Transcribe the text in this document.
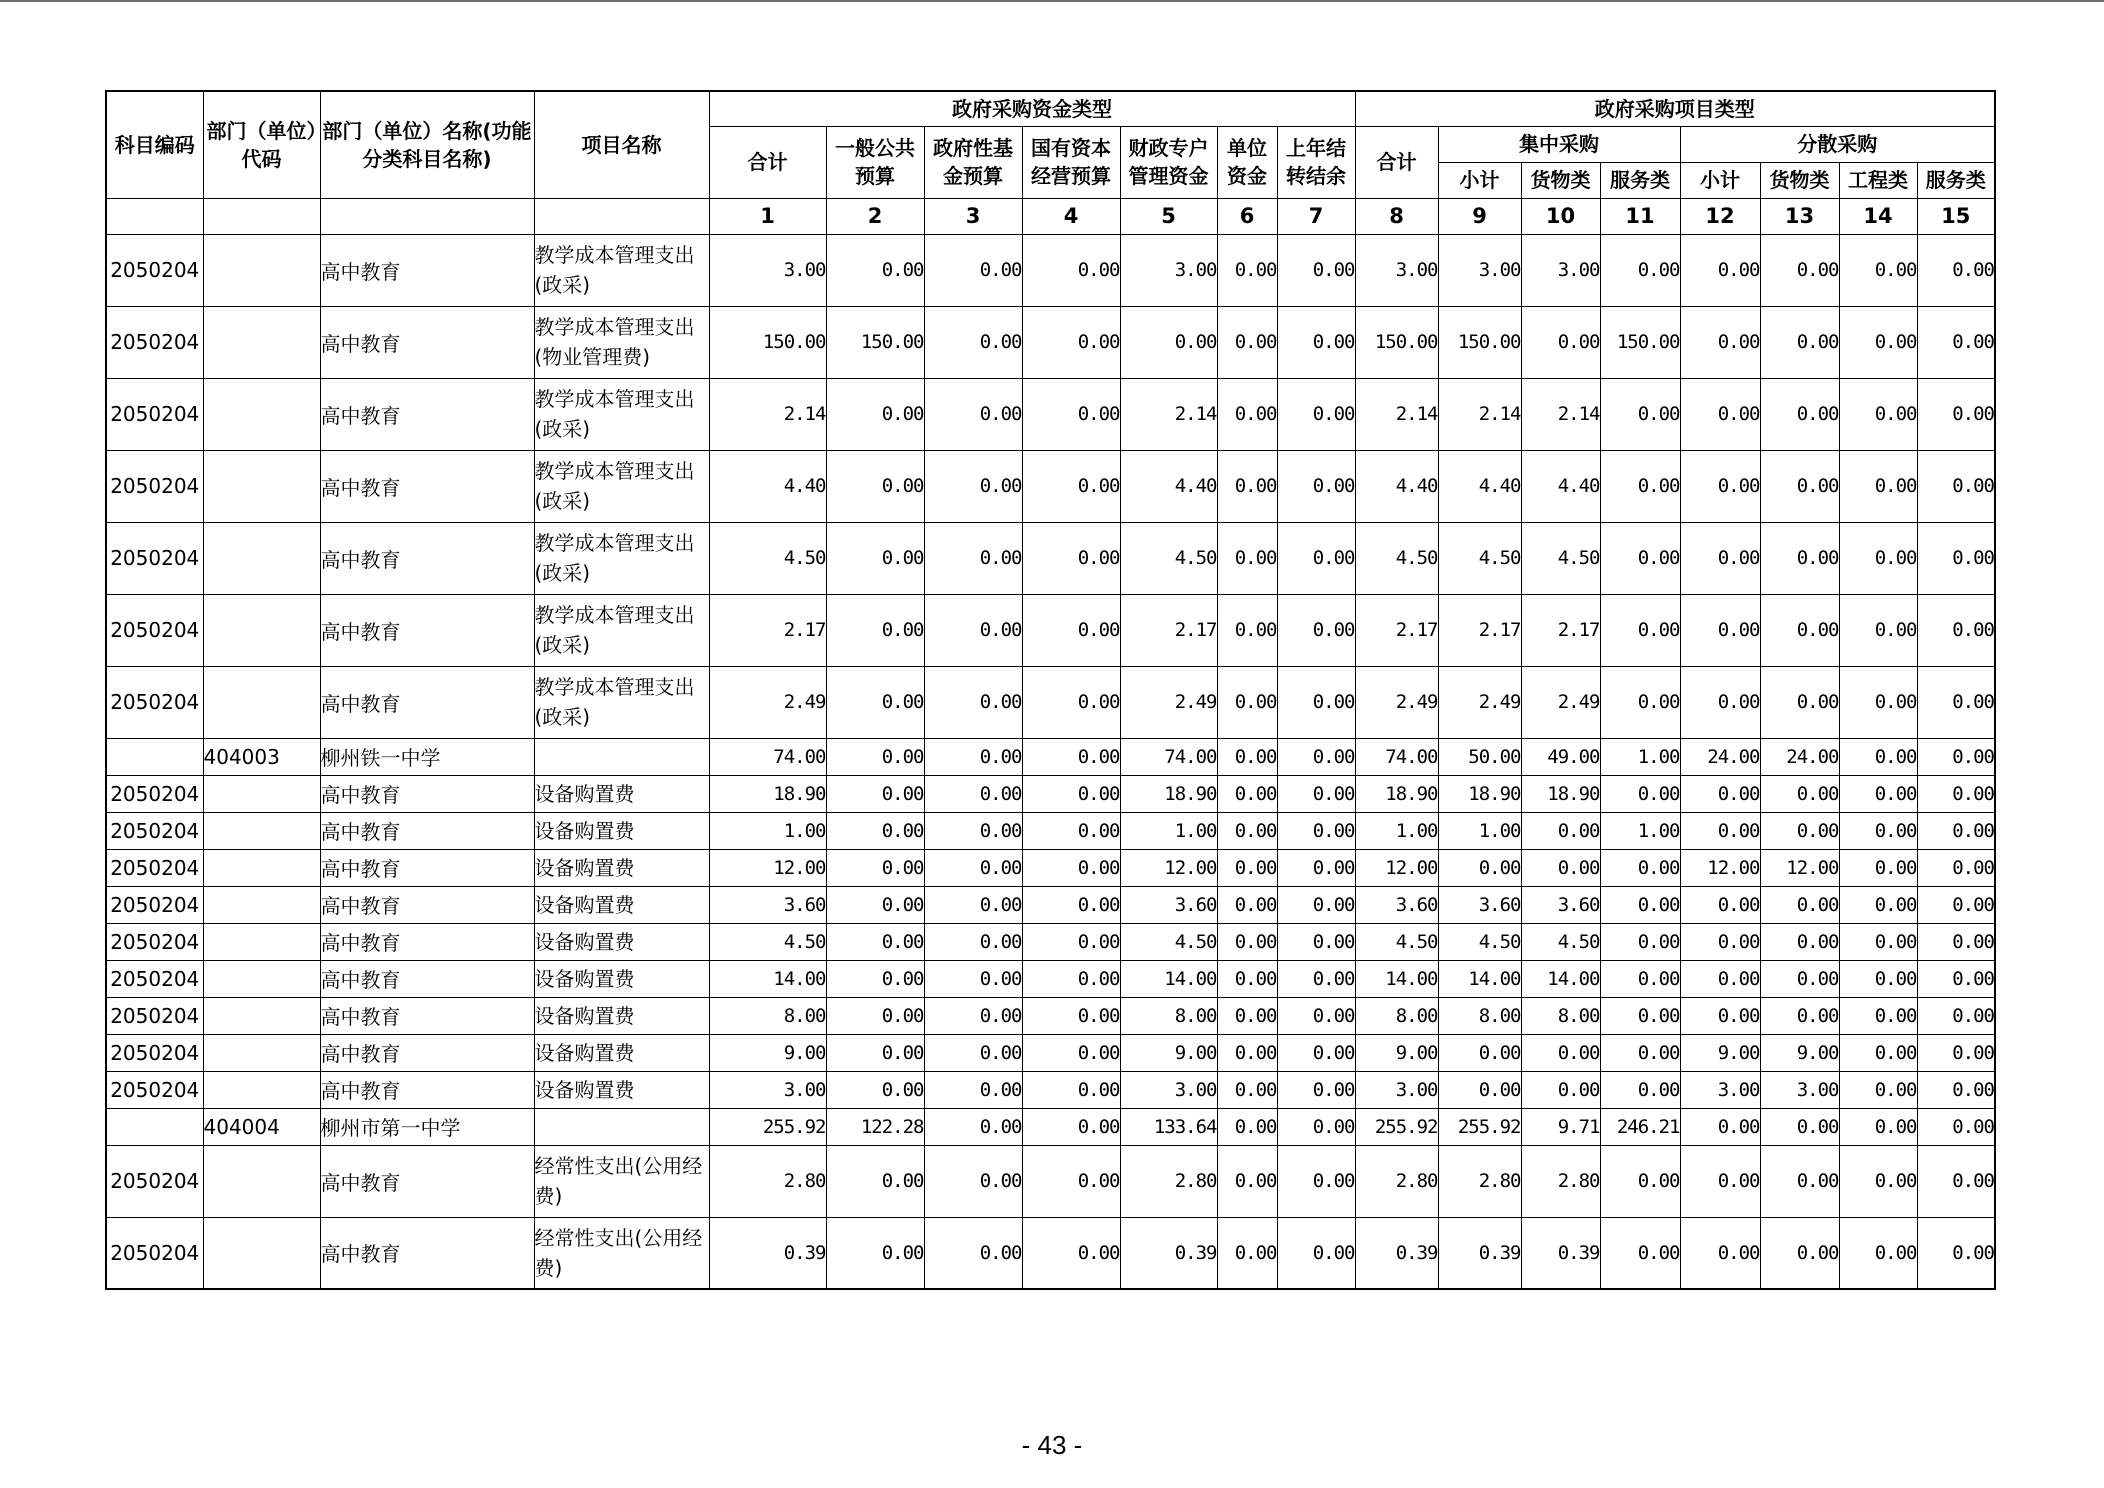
科目编码	部门（单位）代码	部门（单位）名称(功能分类科目名称)	项目名称	政府采购资金类型							政府采购项目类型							
				合计	一般公共预算	政府性基金预算	国有资本经营预算	财政专户管理资金	单位资金	上年结转结余	合计	集中采购			分散采购			
												小计	货物类	服务类	小计	货物类	工程类	服务类
				1	2	3	4	5	6	7	8	9	10	11	12	13	14	15
2050204		高中教育	教学成本管理支出(政采)	3.00	0.00	0.00	0.00	3.00	0.00	0.00	3.00	3.00	3.00	0.00	0.00	0.00	0.00	0.00
2050204		高中教育	教学成本管理支出(物业管理费)	150.00	150.00	0.00	0.00	0.00	0.00	0.00	150.00	150.00	0.00	150.00	0.00	0.00	0.00	0.00
2050204		高中教育	教学成本管理支出(政采)	2.14	0.00	0.00	0.00	2.14	0.00	0.00	2.14	2.14	2.14	0.00	0.00	0.00	0.00	0.00
2050204		高中教育	教学成本管理支出(政采)	4.40	0.00	0.00	0.00	4.40	0.00	0.00	4.40	4.40	4.40	0.00	0.00	0.00	0.00	0.00
2050204		高中教育	教学成本管理支出(政采)	4.50	0.00	0.00	0.00	4.50	0.00	0.00	4.50	4.50	4.50	0.00	0.00	0.00	0.00	0.00
2050204		高中教育	教学成本管理支出(政采)	2.17	0.00	0.00	0.00	2.17	0.00	0.00	2.17	2.17	2.17	0.00	0.00	0.00	0.00	0.00
2050204		高中教育	教学成本管理支出(政采)	2.49	0.00	0.00	0.00	2.49	0.00	0.00	2.49	2.49	2.49	0.00	0.00	0.00	0.00	0.00
	404003	柳州铁一中学		74.00	0.00	0.00	0.00	74.00	0.00	0.00	74.00	50.00	49.00	1.00	24.00	24.00	0.00	0.00
2050204		高中教育	设备购置费	18.90	0.00	0.00	0.00	18.90	0.00	0.00	18.90	18.90	18.90	0.00	0.00	0.00	0.00	0.00
2050204		高中教育	设备购置费	1.00	0.00	0.00	0.00	1.00	0.00	0.00	1.00	1.00	0.00	1.00	0.00	0.00	0.00	0.00
2050204		高中教育	设备购置费	12.00	0.00	0.00	0.00	12.00	0.00	0.00	12.00	0.00	0.00	0.00	12.00	12.00	0.00	0.00
2050204		高中教育	设备购置费	3.60	0.00	0.00	0.00	3.60	0.00	0.00	3.60	3.60	3.60	0.00	0.00	0.00	0.00	0.00
2050204		高中教育	设备购置费	4.50	0.00	0.00	0.00	4.50	0.00	0.00	4.50	4.50	4.50	0.00	0.00	0.00	0.00	0.00
2050204		高中教育	设备购置费	14.00	0.00	0.00	0.00	14.00	0.00	0.00	14.00	14.00	14.00	0.00	0.00	0.00	0.00	0.00
2050204		高中教育	设备购置费	8.00	0.00	0.00	0.00	8.00	0.00	0.00	8.00	8.00	8.00	0.00	0.00	0.00	0.00	0.00
2050204		高中教育	设备购置费	9.00	0.00	0.00	0.00	9.00	0.00	0.00	9.00	0.00	0.00	0.00	9.00	9.00	0.00	0.00
2050204		高中教育	设备购置费	3.00	0.00	0.00	0.00	3.00	0.00	0.00	3.00	0.00	0.00	0.00	3.00	3.00	0.00	0.00
	404004	柳州市第一中学		255.92	122.28	0.00	0.00	133.64	0.00	0.00	255.92	255.92	9.71	246.21	0.00	0.00	0.00	0.00
2050204		高中教育	经常性支出(公用经费)	2.80	0.00	0.00	0.00	2.80	0.00	0.00	2.80	2.80	2.80	0.00	0.00	0.00	0.00	0.00
2050204		高中教育	经常性支出(公用经费)	0.39	0.00	0.00	0.00	0.39	0.00	0.00	0.39	0.39	0.39	0.00	0.00	0.00	0.00	0.00
- 43 -
